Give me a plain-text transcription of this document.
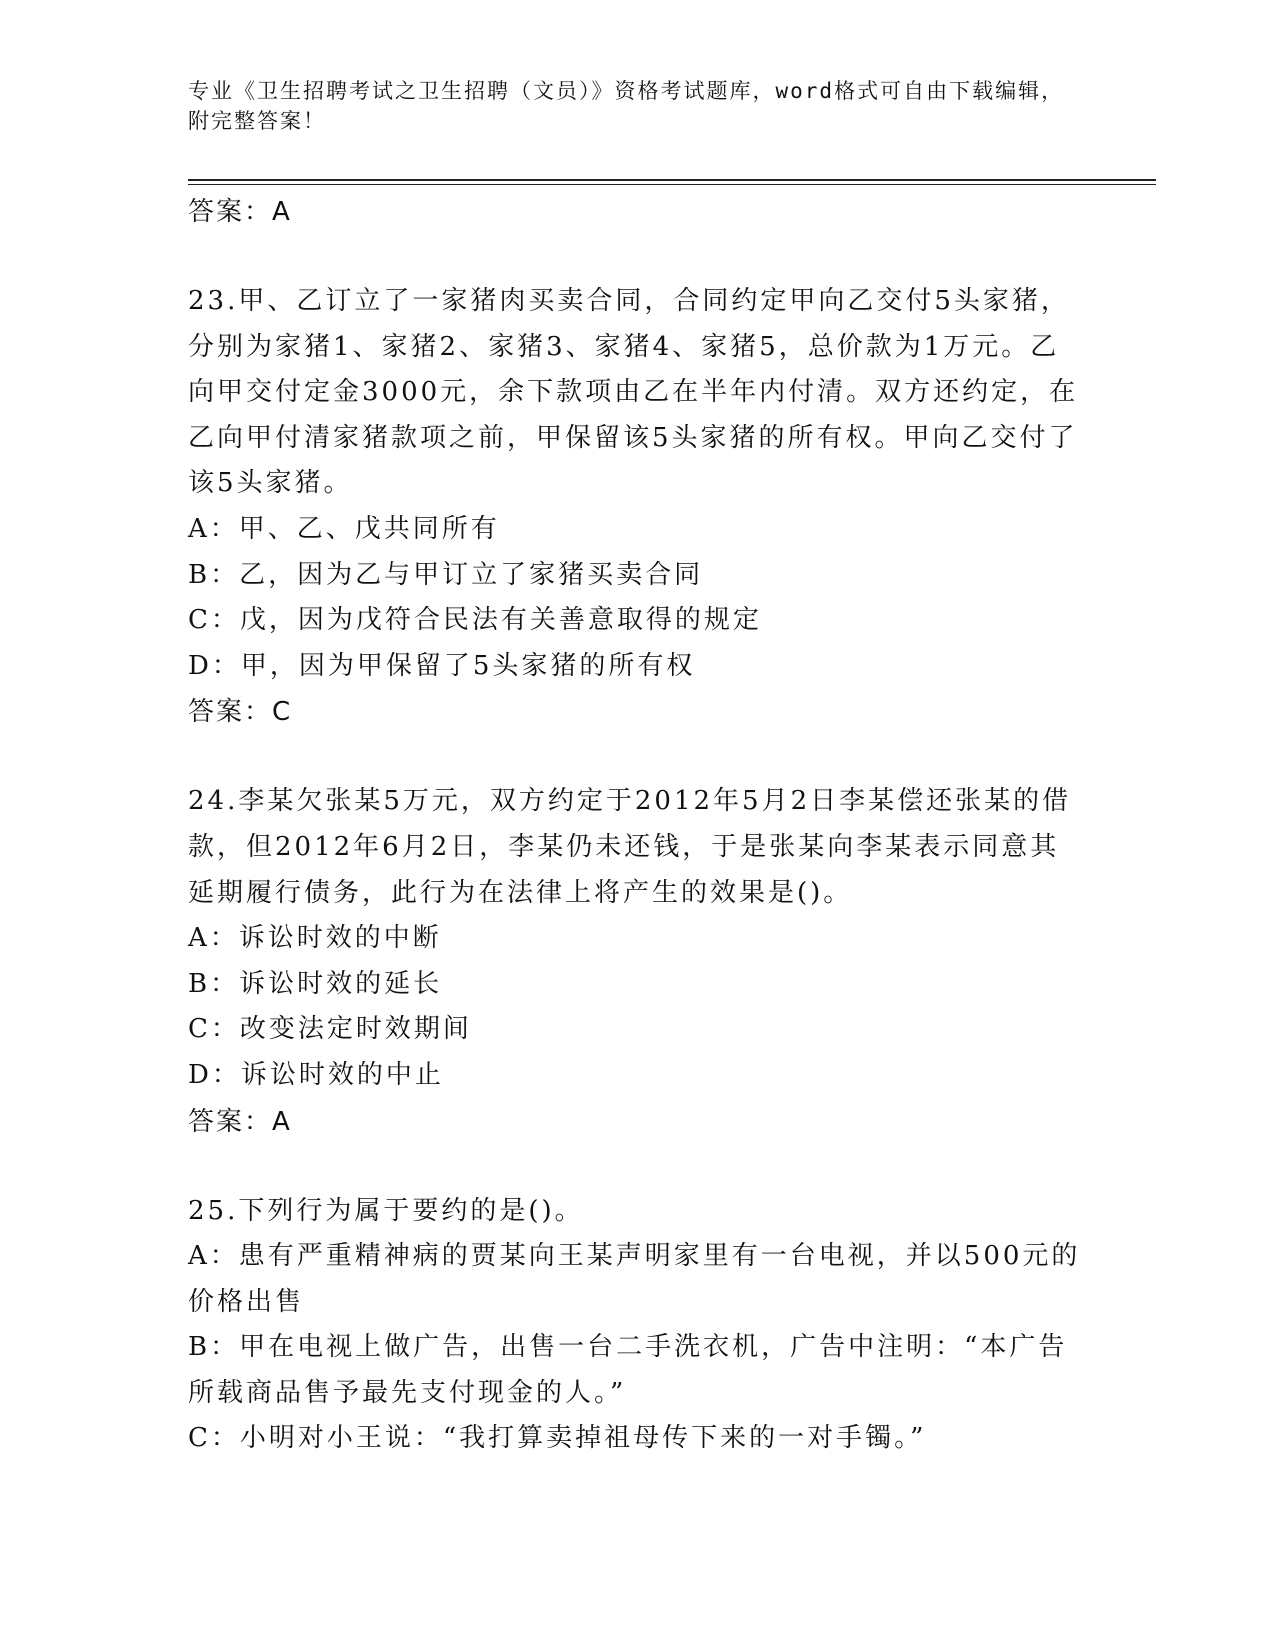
专业《卫生招聘考试之卫生招聘（文员）》资格考试题库，word格式可自由下载编辑，附完整答案！
答案：A

23.甲、乙订立了一家猪肉买卖合同，合同约定甲向乙交付5头家猪，分别为家猪1、家猪2、家猪3、家猪4、家猪5，总价款为1万元。乙向甲交付定金3000元，余下款项由乙在半年内付清。双方还约定，在乙向甲付清家猪款项之前，甲保留该5头家猪的所有权。甲向乙交付了该5头家猪。

A：甲、乙、戊共同所有

B：乙，因为乙与甲订立了家猪买卖合同

C：戊，因为戊符合民法有关善意取得的规定

D：甲，因为甲保留了5头家猪的所有权

答案：C

24.李某欠张某5万元，双方约定于2012年5月2日李某偿还张某的借款，但2012年6月2日，李某仍未还钱，于是张某向李某表示同意其延期履行债务，此行为在法律上将产生的效果是()。

A：诉讼时效的中断

B：诉讼时效的延长

C：改变法定时效期间

D：诉讼时效的中止

答案：A

25.下列行为属于要约的是()。

A：患有严重精神病的贾某向王某声明家里有一台电视，并以500元的价格出售

B：甲在电视上做广告，出售一台二手洗衣机，广告中注明：“本广告所载商品售予最先支付现金的人。”

C：小明对小王说：“我打算卖掉祖母传下来的一对手镯。”
